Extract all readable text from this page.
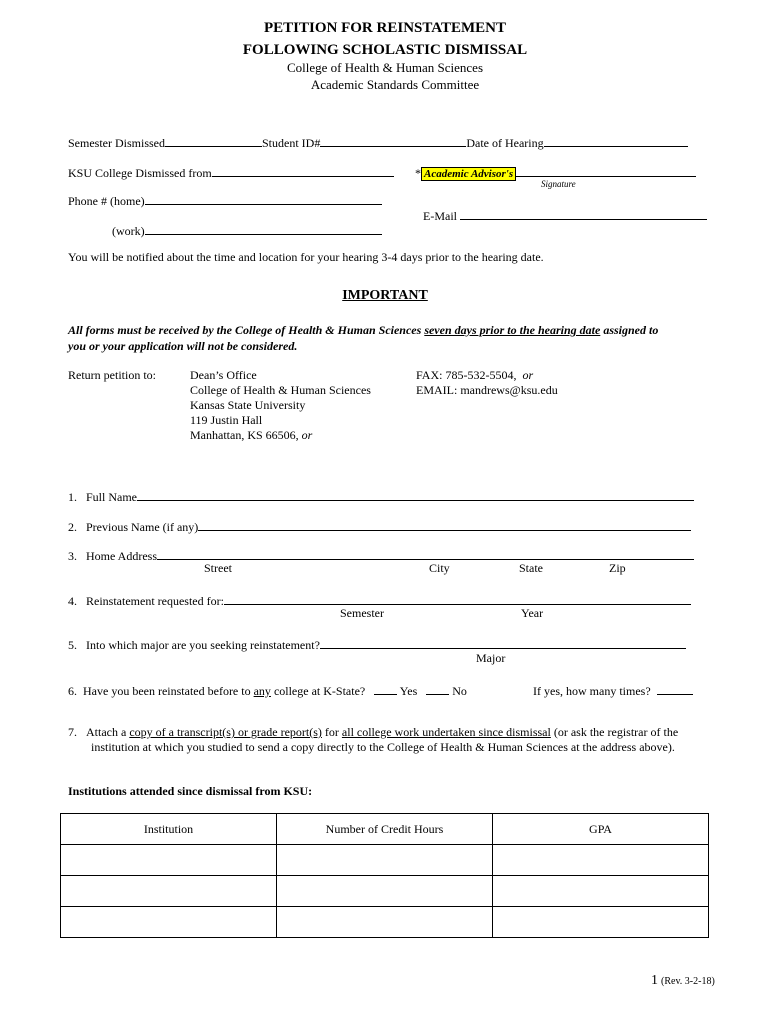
PETITION FOR REINSTATEMENT
FOLLOWING SCHOLASTIC DISMISSAL
College of Health & Human Sciences
Academic Standards Committee
Semester Dismissed	Student ID#	Date of Hearing
KSU College Dismissed from	* Academic Advisor's
Signature
Phone # (home)
E-Mail
(work)
You will be notified about the time and location for your hearing 3-4 days prior to the hearing date.
IMPORTANT
All forms must be received by the College of Health & Human Sciences seven days prior to the hearing date assigned to
you or your application will not be considered.
Return petition to:	Dean’s Office
College of Health & Human Sciences
Kansas State University
119 Justin Hall
Manhattan, KS 66506, or
FAX: 785-532-5504, or
EMAIL: mandrews@ksu.edu
1. Full Name
2. Previous Name (if any)
3. Home Address
Street	City	State	Zip
4. Reinstatement requested for:
Semester	Year
5. Into which major are you seeking reinstatement?
Major
6. Have you been reinstated before to any college at K-State?	Yes	No	If yes, how many times?
7. Attach a copy of a transcript(s) or grade report(s) for all college work undertaken since dismissal (or ask the registrar of the
institution at which you studied to send a copy directly to the College of Health & Human Sciences at the address above).
Institutions attended since dismissal from KSU:
Institution	Number of Credit Hours	GPA

1 (Rev. 3-2-18)
